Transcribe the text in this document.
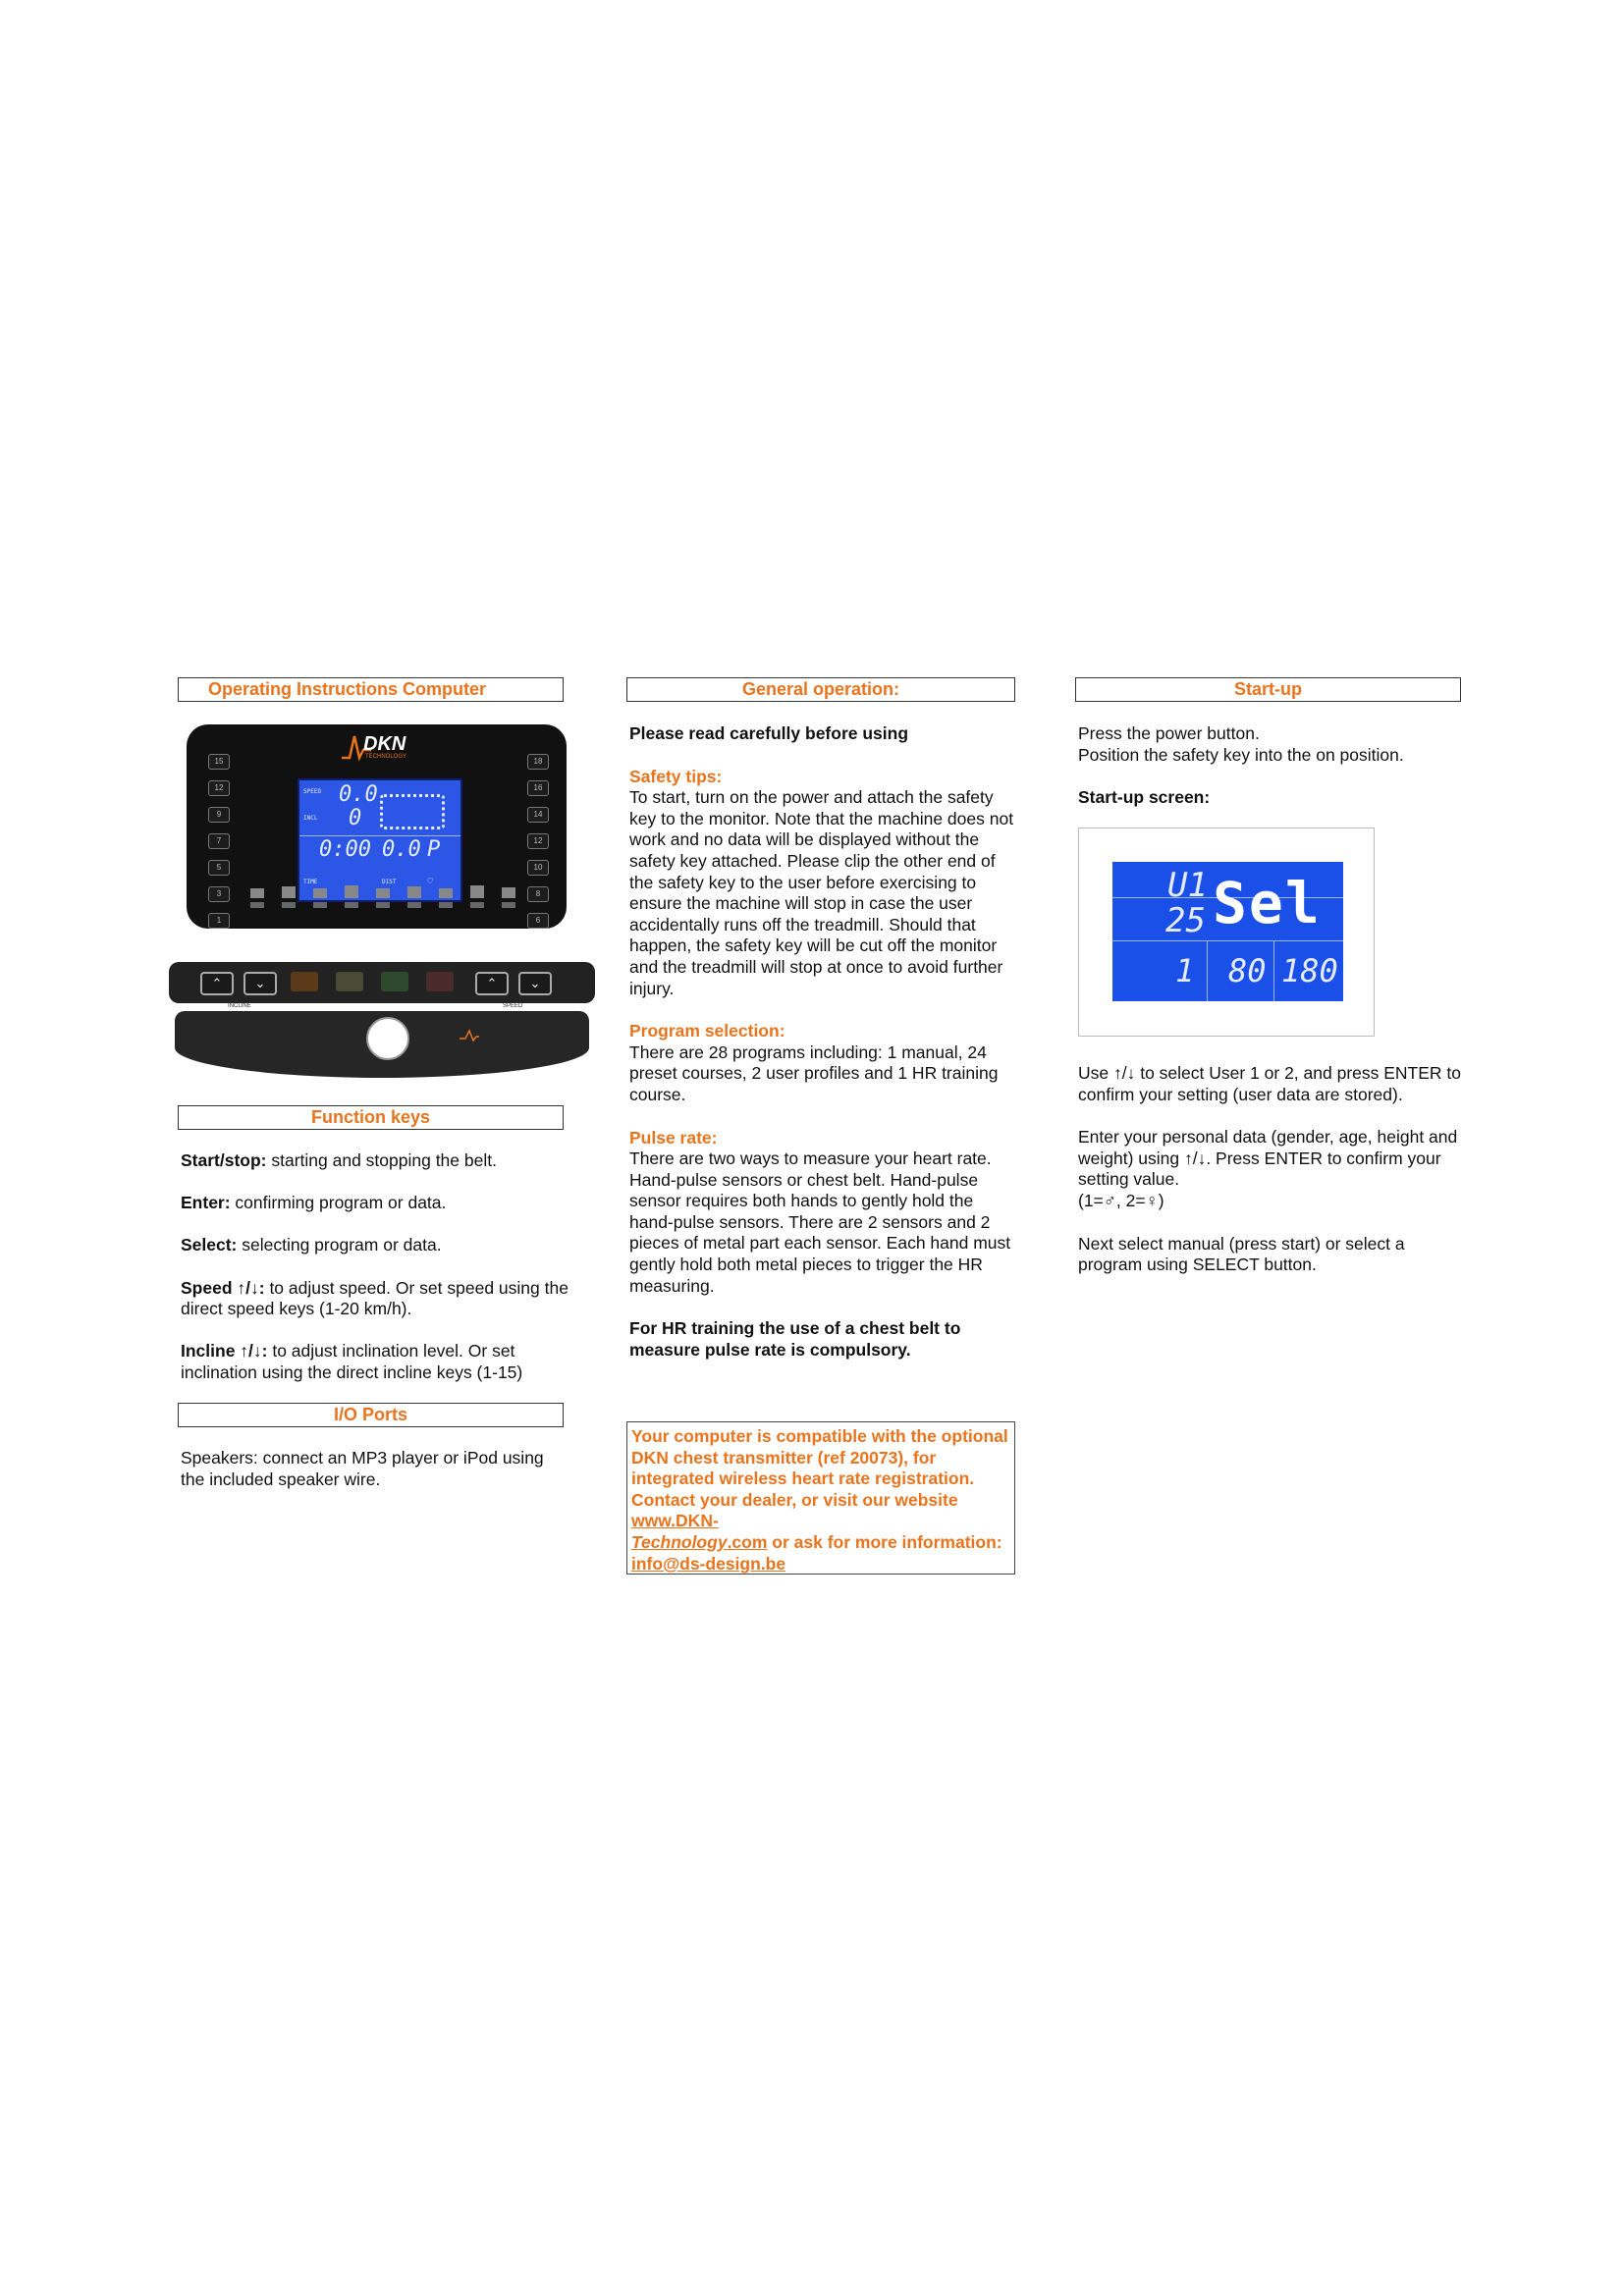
Operating Instructions Computer
DKN
TECHNOLOGY
15
12
9
7
5
3
1
18
16
14
12
10
8
6
SPEED 0.0
INCL 0
0:00 0.0 P
TIME	DIST	♡
⌃	⌄	⌃	⌄
INCLINE	SPEED
Function keys

Start/stop: starting and stopping the belt.

Enter: confirming program or data.

Select: selecting program or data.

Speed ↑/↓: to adjust speed. Or set speed using the direct speed keys (1-20 km/h).

Incline ↑/↓: to adjust inclination level. Or set inclination using the direct incline keys (1-15)

I/O Ports

Speakers: connect an MP3 player or iPod using the included speaker wire.

General operation:

Please read carefully before using

Safety tips:

To start, turn on the power and attach the safety key to the monitor. Note that the machine does not work and no data will be displayed without the safety key attached. Please clip the other end of the safety key to the user before exercising to ensure the machine will stop in case the user accidentally runs off the treadmill. Should that happen, the safety key will be cut off the monitor and the treadmill will stop at once to avoid further injury.

Program selection:

There are 28 programs including: 1 manual, 24 preset courses, 2 user profiles and 1 HR training course.

Pulse rate:

There are two ways to measure your heart rate. Hand-pulse sensors or chest belt. Hand-pulse sensor requires both hands to gently hold the hand-pulse sensors. There are 2 sensors and 2 pieces of metal part each sensor. Each hand must gently hold both metal pieces to trigger the HR measuring.

For HR training the use of a chest belt to measure pulse rate is compulsory.

Your computer is compatible with the optional DKN chest transmitter (ref 20073), for integrated wireless heart rate registration. Contact your dealer, or visit our website www.DKN-
Technology.com or ask for more information: info@ds-design.be
Start-up

Press the power button.

Position the safety key into the on position.

Start-up screen:

U1
25 Sel
1 80 180

Use ↑/↓ to select User 1 or 2, and press ENTER to confirm your setting (user data are stored).

Enter your personal data (gender, age, height and weight) using ↑/↓. Press ENTER to confirm your setting value.

(1=♂, 2=♀)

Next select manual (press start) or select a program using SELECT button.
